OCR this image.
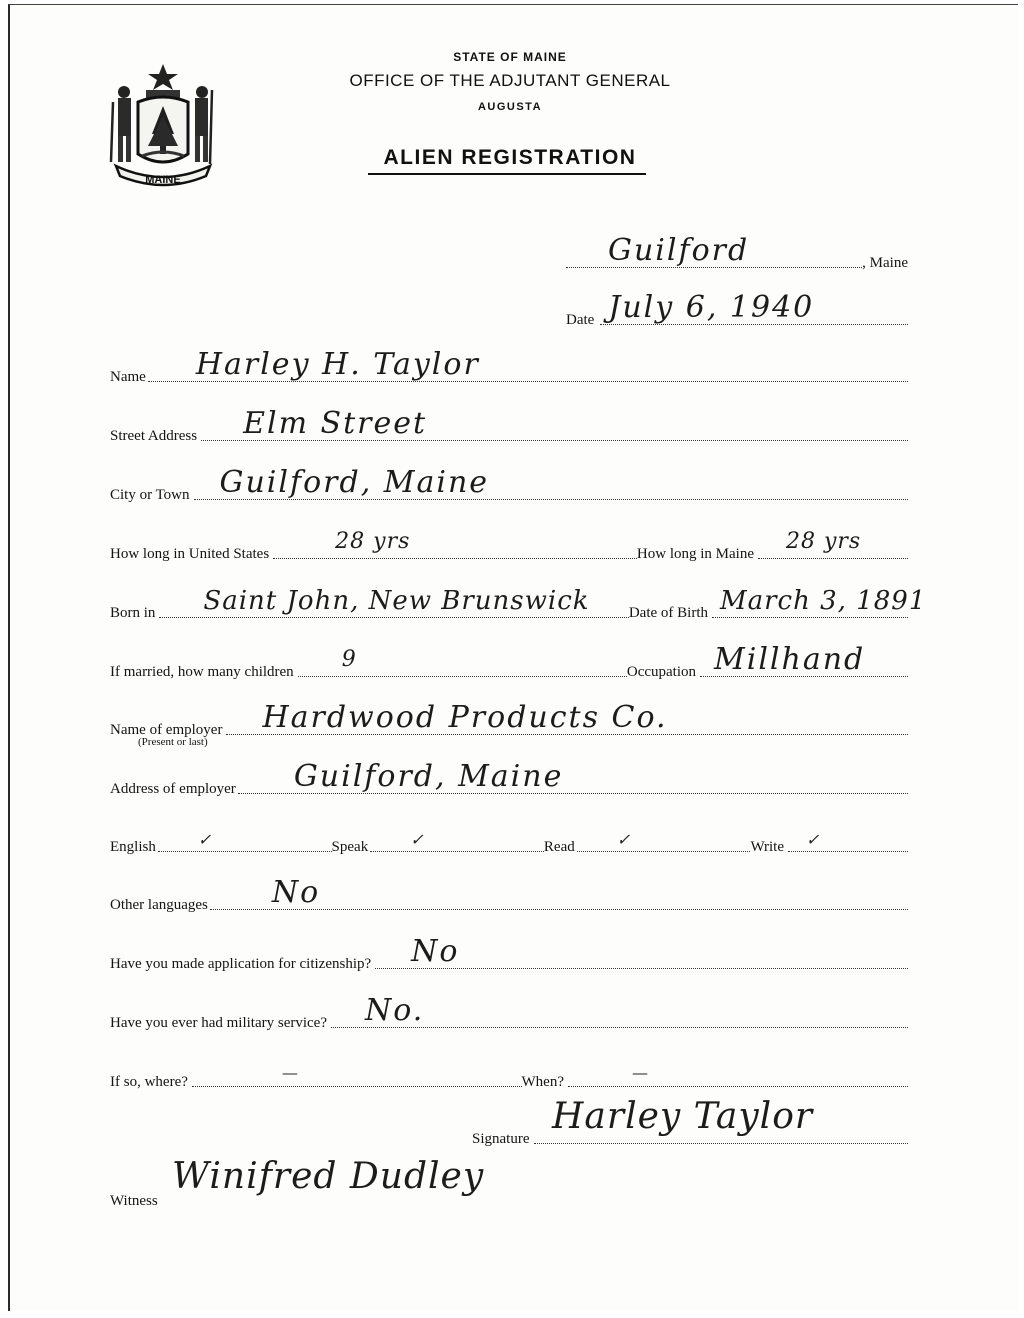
MAINE
STATE OF MAINE
OFFICE OF THE ADJUTANT GENERAL
AUGUSTA
ALIEN REGISTRATION
Guilford	, Maine
Date July 6, 1940
Name Harley H. Taylor
Street Address Elm Street
City or Town Guilford, Maine
How long in United States	28 yrs	How long in Maine 28 yrs
Born in Saint John, New Brunswick	Date of Birth March 3, 1891
If married, how many children 9	Occupation Millhand
Name of employer Hardwood Products Co.
(Present or last)
Address of employer Guilford, Maine
English	✓	Speak	✓	Read	✓	Write ✓
Other languages No
Have you made application for citizenship? No
Have you ever had military service? No.
If so, where?	—	When?	—
Signature
Harley Taylor
Witness
Winifred Dudley
